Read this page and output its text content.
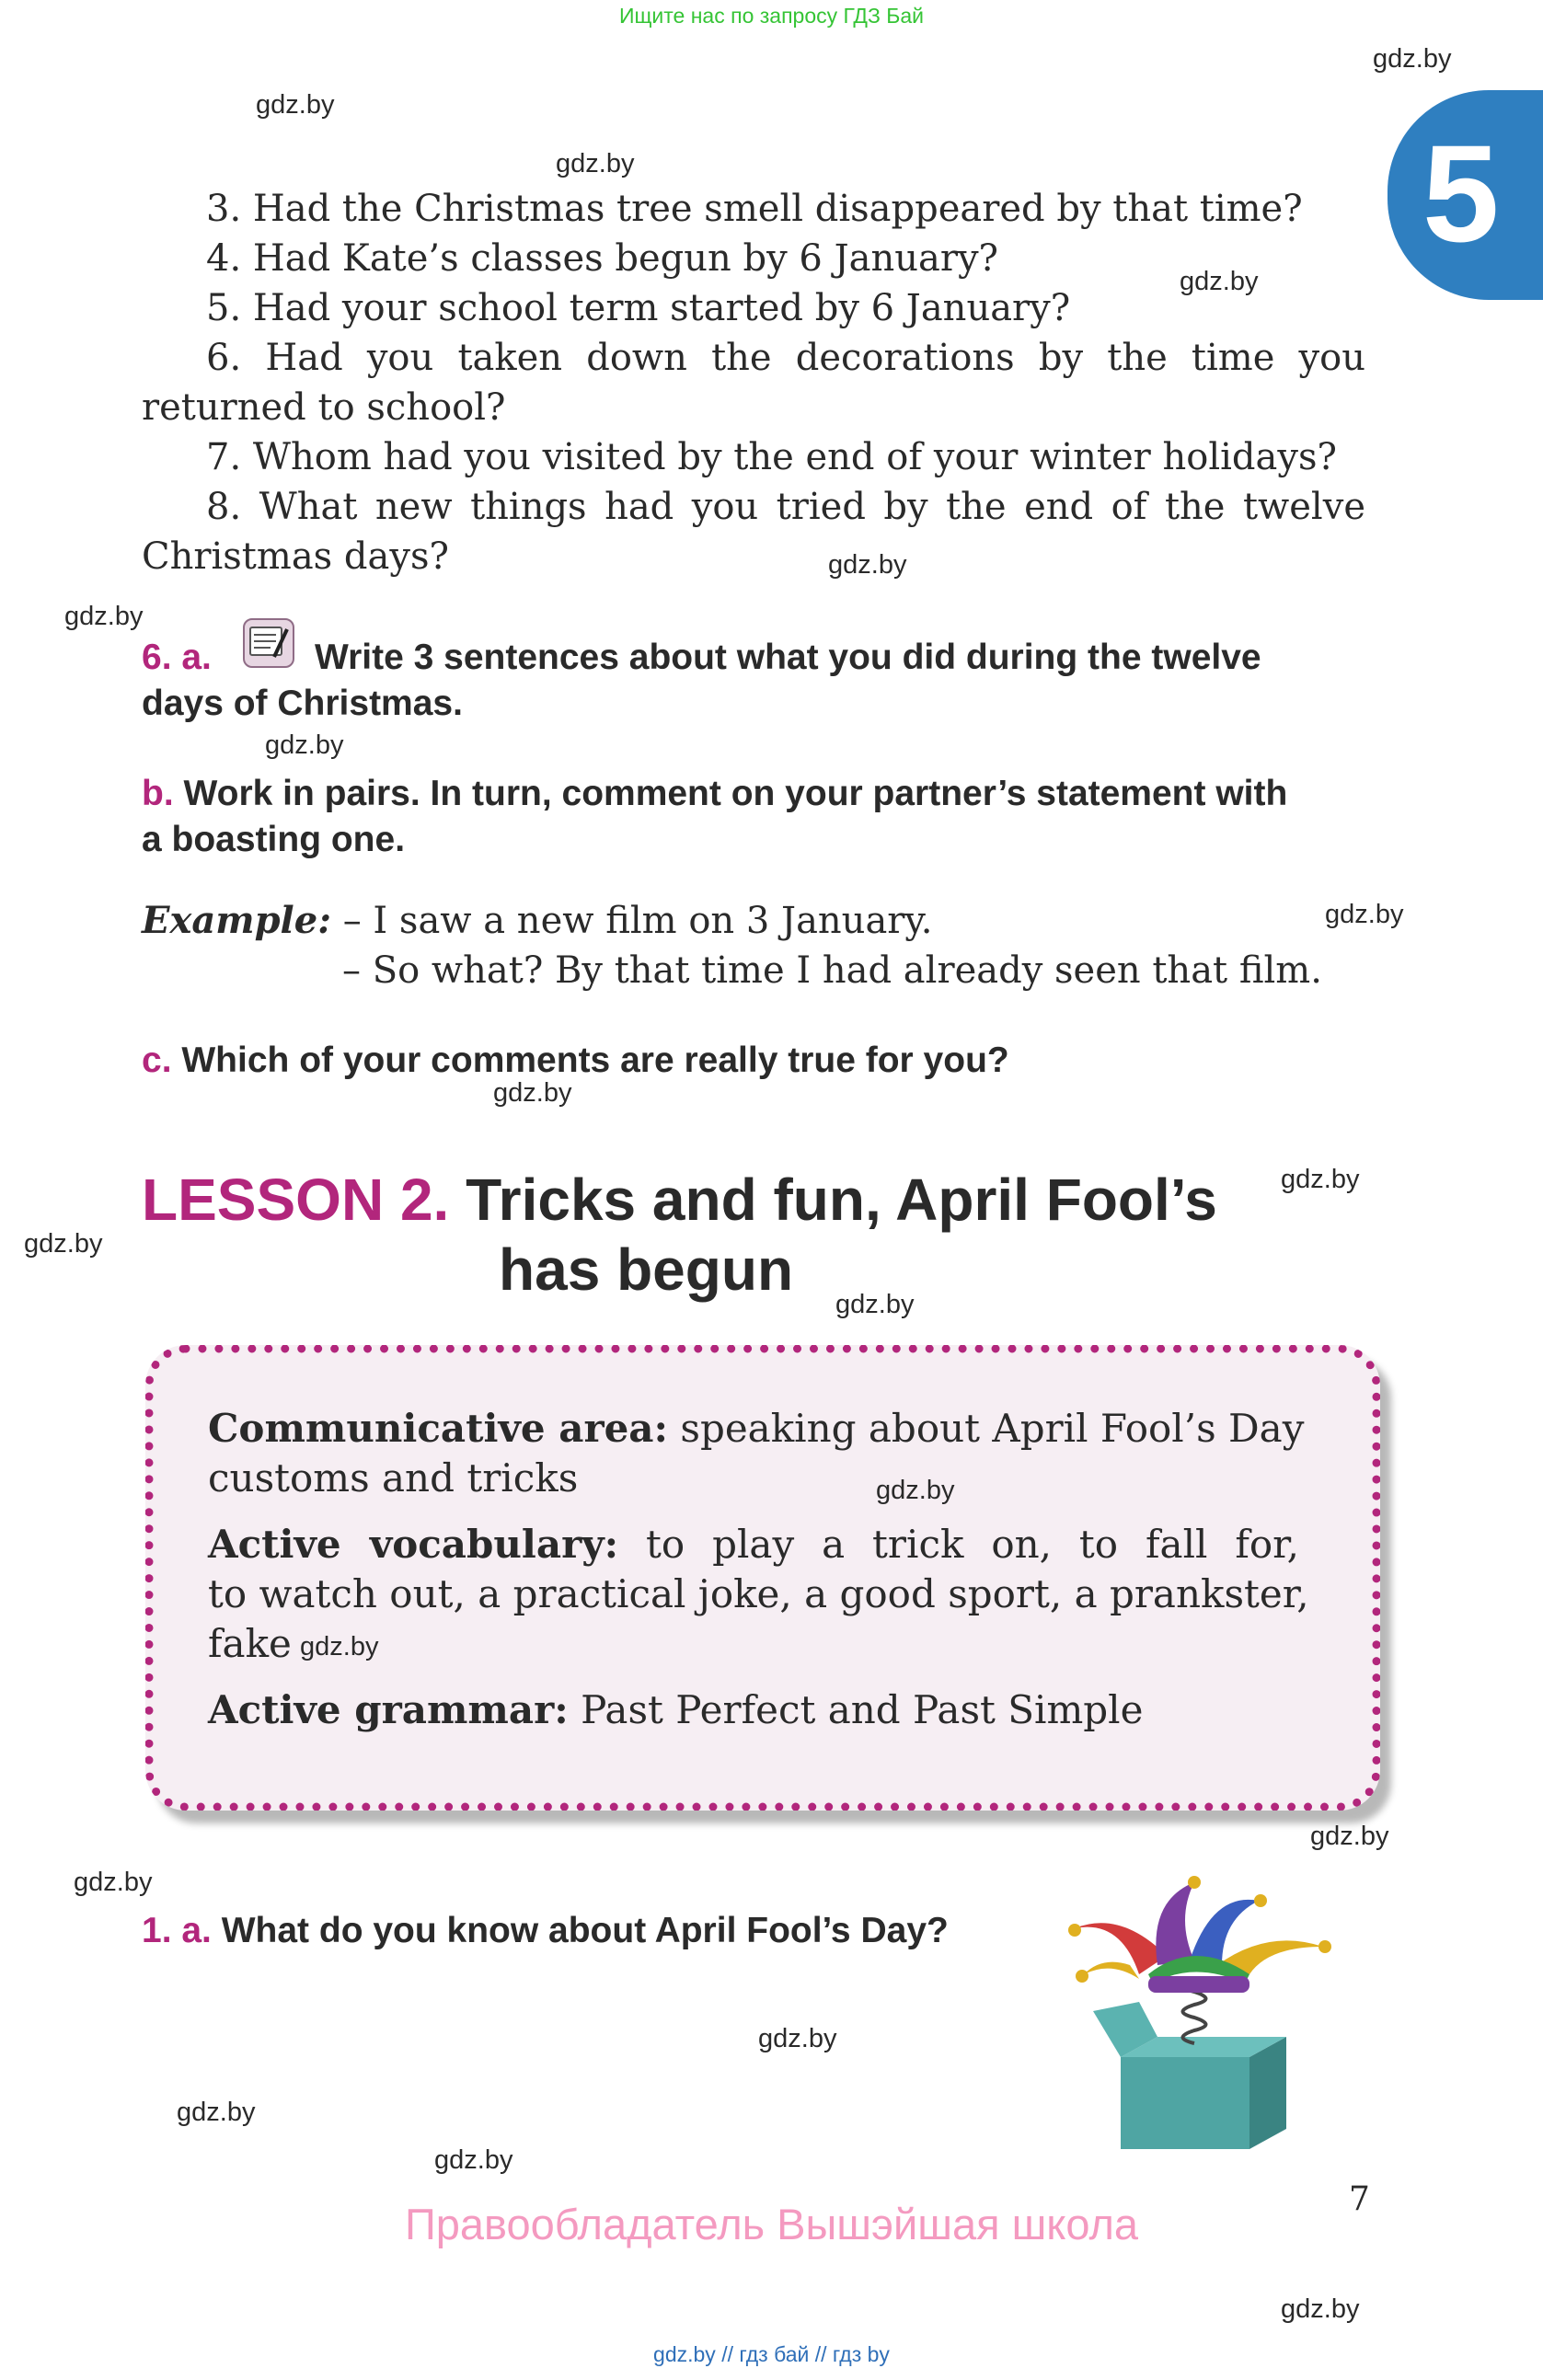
Ищите нас по запросу ГДЗ Бай
5
gdz.by
gdz.by
gdz.by
gdz.by
gdz.by
gdz.by
gdz.by
gdz.by
gdz.by
gdz.by
gdz.by
gdz.by
gdz.by
gdz.by
gdz.by
gdz.by
gdz.by
gdz.by
3. Had the Christmas tree smell disappeared by that time?
4. Had Kate’s classes begun by 6 January?
5. Had your school term started by 6 January?
6. Had you taken down the decorations by the time you
returned to school?
7. Whom had you visited by the end of your winter holidays?
8. What new things had you tried by the end of the twelve
Christmas days?
6. a.	Write 3 sentences about what you did during the twelve
days of Christmas.
b. Work in pairs. In turn, comment on your partner’s statement with
a boasting one.
Example: – I saw a new film on 3 January.
– So what? By that time I had already seen that film.
c. Which of your comments are really true for you?
LESSON 2. Tricks and fun, April Fool’s
has begun
Communicative area: speaking about April Fool’s Day
customs and tricks
Active vocabulary: to play a trick on, to fall for,
to watch out, a practical joke, a good sport, a prankster,
fake
Active grammar: Past Perfect and Past Simple
gdz.by
gdz.by
1. a. What do you know about April Fool’s Day?
7
Правообладатель Вышэйшая школа
gdz.by // гдз бай // гдз by
